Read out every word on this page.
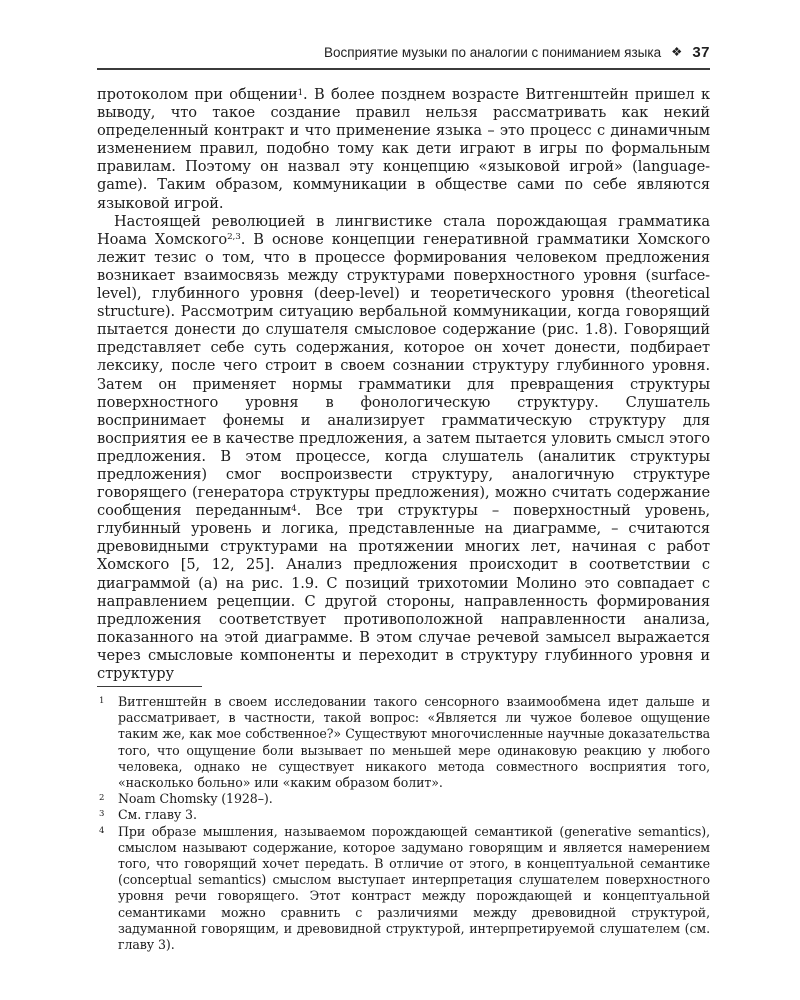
Восприятие музыки по аналогии с пониманием языка ❖ 37

протоколом при общении$^1$. В более позднем возрасте Витгенштейн пришел к выводу, что такое создание правил нельзя рассматривать как некий определенный контракт и что применение языка – это процесс с динамичным изменением правил, подобно тому как дети играют в игры по формальным правилам. Поэтому он назвал эту концепцию «языковой игрой» (language-game). Таким образом, коммуникации в обществе сами по себе являются языковой игрой.

Настоящей революцией в лингвистике стала порождающая грамматика Ноама Хомского$^{2,3}$. В основе концепции генеративной грамматики Хомского лежит тезис о том, что в процессе формирования человеком предложения возникает взаимосвязь между структурами поверхностного уровня (surface-level), глубинного уровня (deep-level) и теоретического уровня (theoretical structure). Рассмотрим ситуацию вербальной коммуникации, когда говорящий пытается донести до слушателя смысловое содержание (рис. 1.8). Говорящий представляет себе суть содержания, которое он хочет донести, подбирает лексику, после чего строит в своем сознании структуру глубинного уровня. Затем он применяет нормы грамматики для превращения структуры поверхностного уровня в фонологическую структуру. Слушатель воспринимает фонемы и анализирует грамматическую структуру для восприятия ее в качестве предложения, а затем пытается уловить смысл этого предложения. В этом процессе, когда слушатель (аналитик структуры предложения) смог воспроизвести структуру, аналогичную структуре говорящего (генератора структуры предложения), можно считать содержание сообщения переданным$^4$. Все три структуры – поверхностный уровень, глубинный уровень и логика, представленные на диаграмме, – считаются древовидными структурами на протяжении многих лет, начиная с работ Хомского [5, 12, 25]. Анализ предложения происходит в соответствии с диаграммой (а) на рис. 1.9. С позиций трихотомии Молино это совпадает с направлением рецепции. С другой стороны, направленность формирования предложения соответствует противоположной направленности анализа, показанного на этой диаграмме. В этом случае речевой замысел выражается через смысловые компоненты и переходит в структуру глубинного уровня и структуру

1 Витгенштейн в своем исследовании такого сенсорного взаимообмена идет дальше и рассматривает, в частности, такой вопрос: «Является ли чужое болевое ощущение таким же, как мое собственное?» Существуют многочисленные научные доказательства того, что ощущение боли вызывает по меньшей мере одинаковую реакцию у любого человека, однако не существует никакого метода совместного восприятия того, «насколько больно» или «каким образом болит».
2 Noam Chomsky (1928–).
3 См. главу 3.
4 При образе мышления, называемом порождающей семантикой (generative semantics), смыслом называют содержание, которое задумано говорящим и является намерением того, что говорящий хочет передать. В отличие от этого, в концептуальной семантике (conceptual semantics) смыслом выступает интерпретация слушателем поверхностного уровня речи говорящего. Этот контраст между порождающей и концептуальной семантиками можно сравнить с различиями между древовидной структурой, задуманной говорящим, и древовидной структурой, интерпретируемой слушателем (см. главу 3).
